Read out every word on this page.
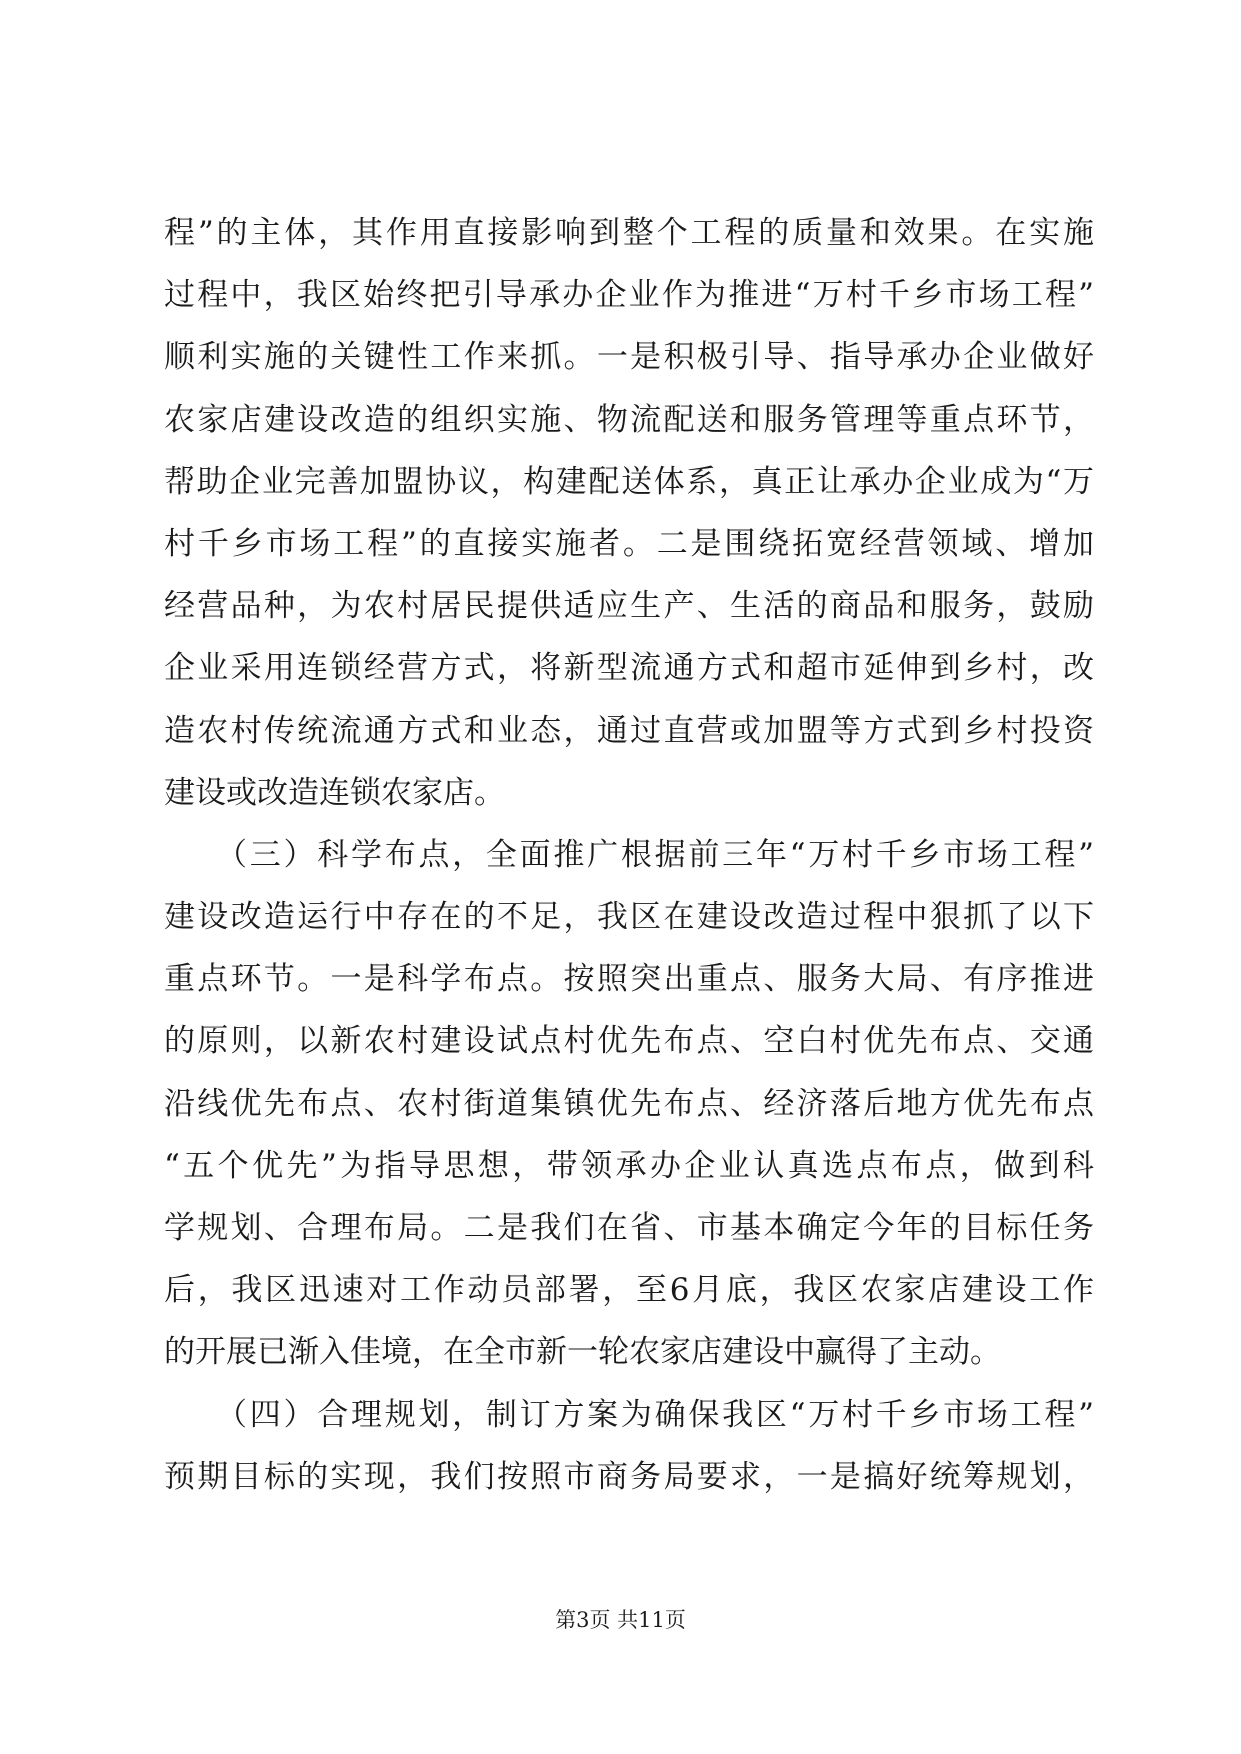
程”的主体，其作用直接影响到整个工程的质量和效果。在实施
过程中，我区始终把引导承办企业作为推进“万村千乡市场工程”
顺利实施的关键性工作来抓。一是积极引导、指导承办企业做好
农家店建设改造的组织实施、物流配送和服务管理等重点环节，
帮助企业完善加盟协议，构建配送体系，真正让承办企业成为“万
村千乡市场工程”的直接实施者。二是围绕拓宽经营领域、增加
经营品种，为农村居民提供适应生产、生活的商品和服务，鼓励
企业采用连锁经营方式，将新型流通方式和超市延伸到乡村，改
造农村传统流通方式和业态，通过直营或加盟等方式到乡村投资
建设或改造连锁农家店。
　　（三）科学布点，全面推广根据前三年“万村千乡市场工程”
建设改造运行中存在的不足，我区在建设改造过程中狠抓了以下
重点环节。一是科学布点。按照突出重点、服务大局、有序推进
的原则，以新农村建设试点村优先布点、空白村优先布点、交通
沿线优先布点、农村街道集镇优先布点、经济落后地方优先布点
“五个优先”为指导思想，带领承办企业认真选点布点，做到科
学规划、合理布局。二是我们在省、市基本确定今年的目标任务
后，我区迅速对工作动员部署，至6月底，我区农家店建设工作
的开展已渐入佳境，在全市新一轮农家店建设中赢得了主动。
　　（四）合理规划，制订方案为确保我区“万村千乡市场工程”
预期目标的实现，我们按照市商务局要求，一是搞好统筹规划，
第3页 共11页
